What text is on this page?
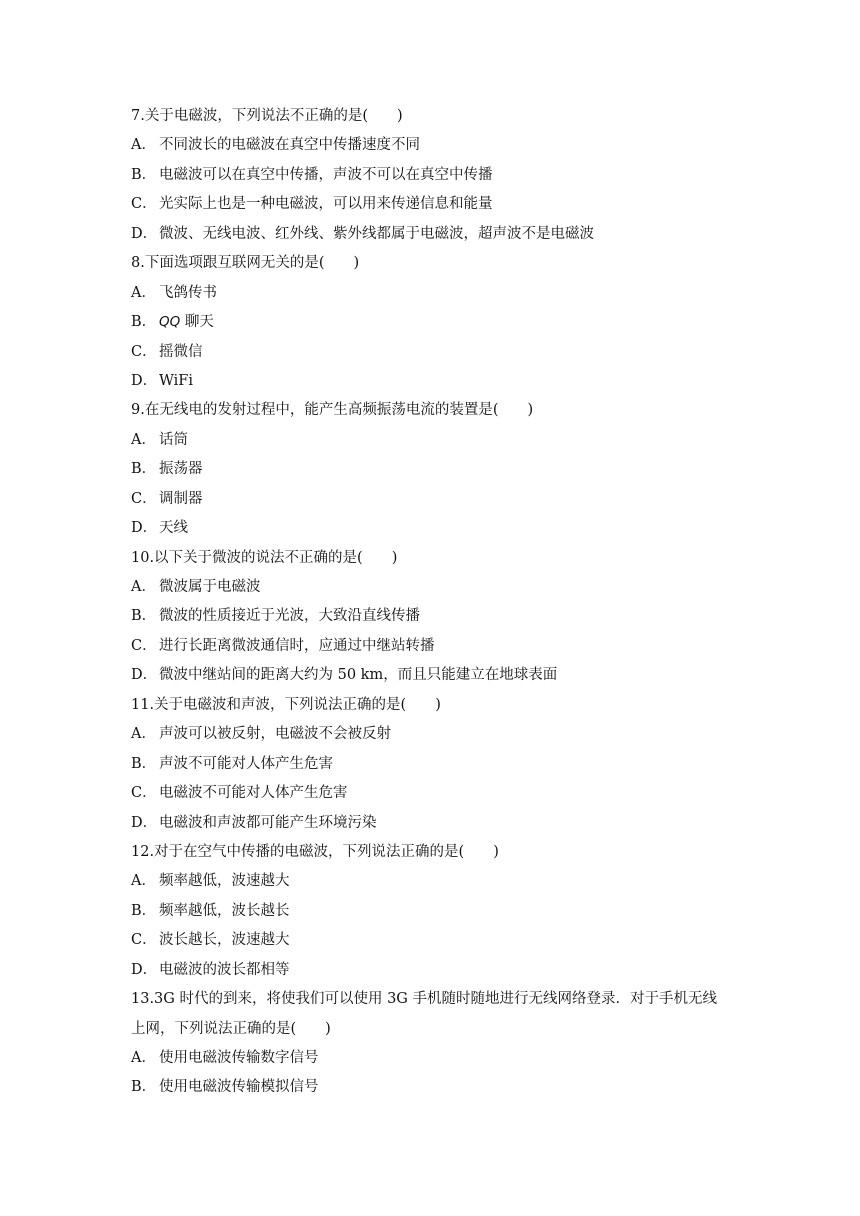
7.关于电磁波，下列说法不正确的是(　　)
A． 不同波长的电磁波在真空中传播速度不同
B． 电磁波可以在真空中传播，声波不可以在真空中传播
C． 光实际上也是一种电磁波，可以用来传递信息和能量
D． 微波、无线电波、红外线、紫外线都属于电磁波，超声波不是电磁波
8.下面选项跟互联网无关的是(　　)
A． 飞鸽传书
B． QQ 聊天
C． 摇微信
D． WiFi
9.在无线电的发射过程中，能产生高频振荡电流的装置是(　　)
A． 话筒
B． 振荡器
C． 调制器
D． 天线
10.以下关于微波的说法不正确的是(　　)
A． 微波属于电磁波
B． 微波的性质接近于光波，大致沿直线传播
C． 进行长距离微波通信时，应通过中继站转播
D． 微波中继站间的距离大约为 50 km，而且只能建立在地球表面
11.关于电磁波和声波，下列说法正确的是(　　)
A． 声波可以被反射，电磁波不会被反射
B． 声波不可能对人体产生危害
C． 电磁波不可能对人体产生危害
D． 电磁波和声波都可能产生环境污染
12.对于在空气中传播的电磁波，下列说法正确的是(　　)
A． 频率越低，波速越大
B． 频率越低，波长越长
C． 波长越长，波速越大
D． 电磁波的波长都相等
13.3G 时代的到来，将使我们可以使用 3G 手机随时随地进行无线网络登录．对于手机无线
上网，下列说法正确的是(　　)
A． 使用电磁波传输数字信号
B． 使用电磁波传输模拟信号
